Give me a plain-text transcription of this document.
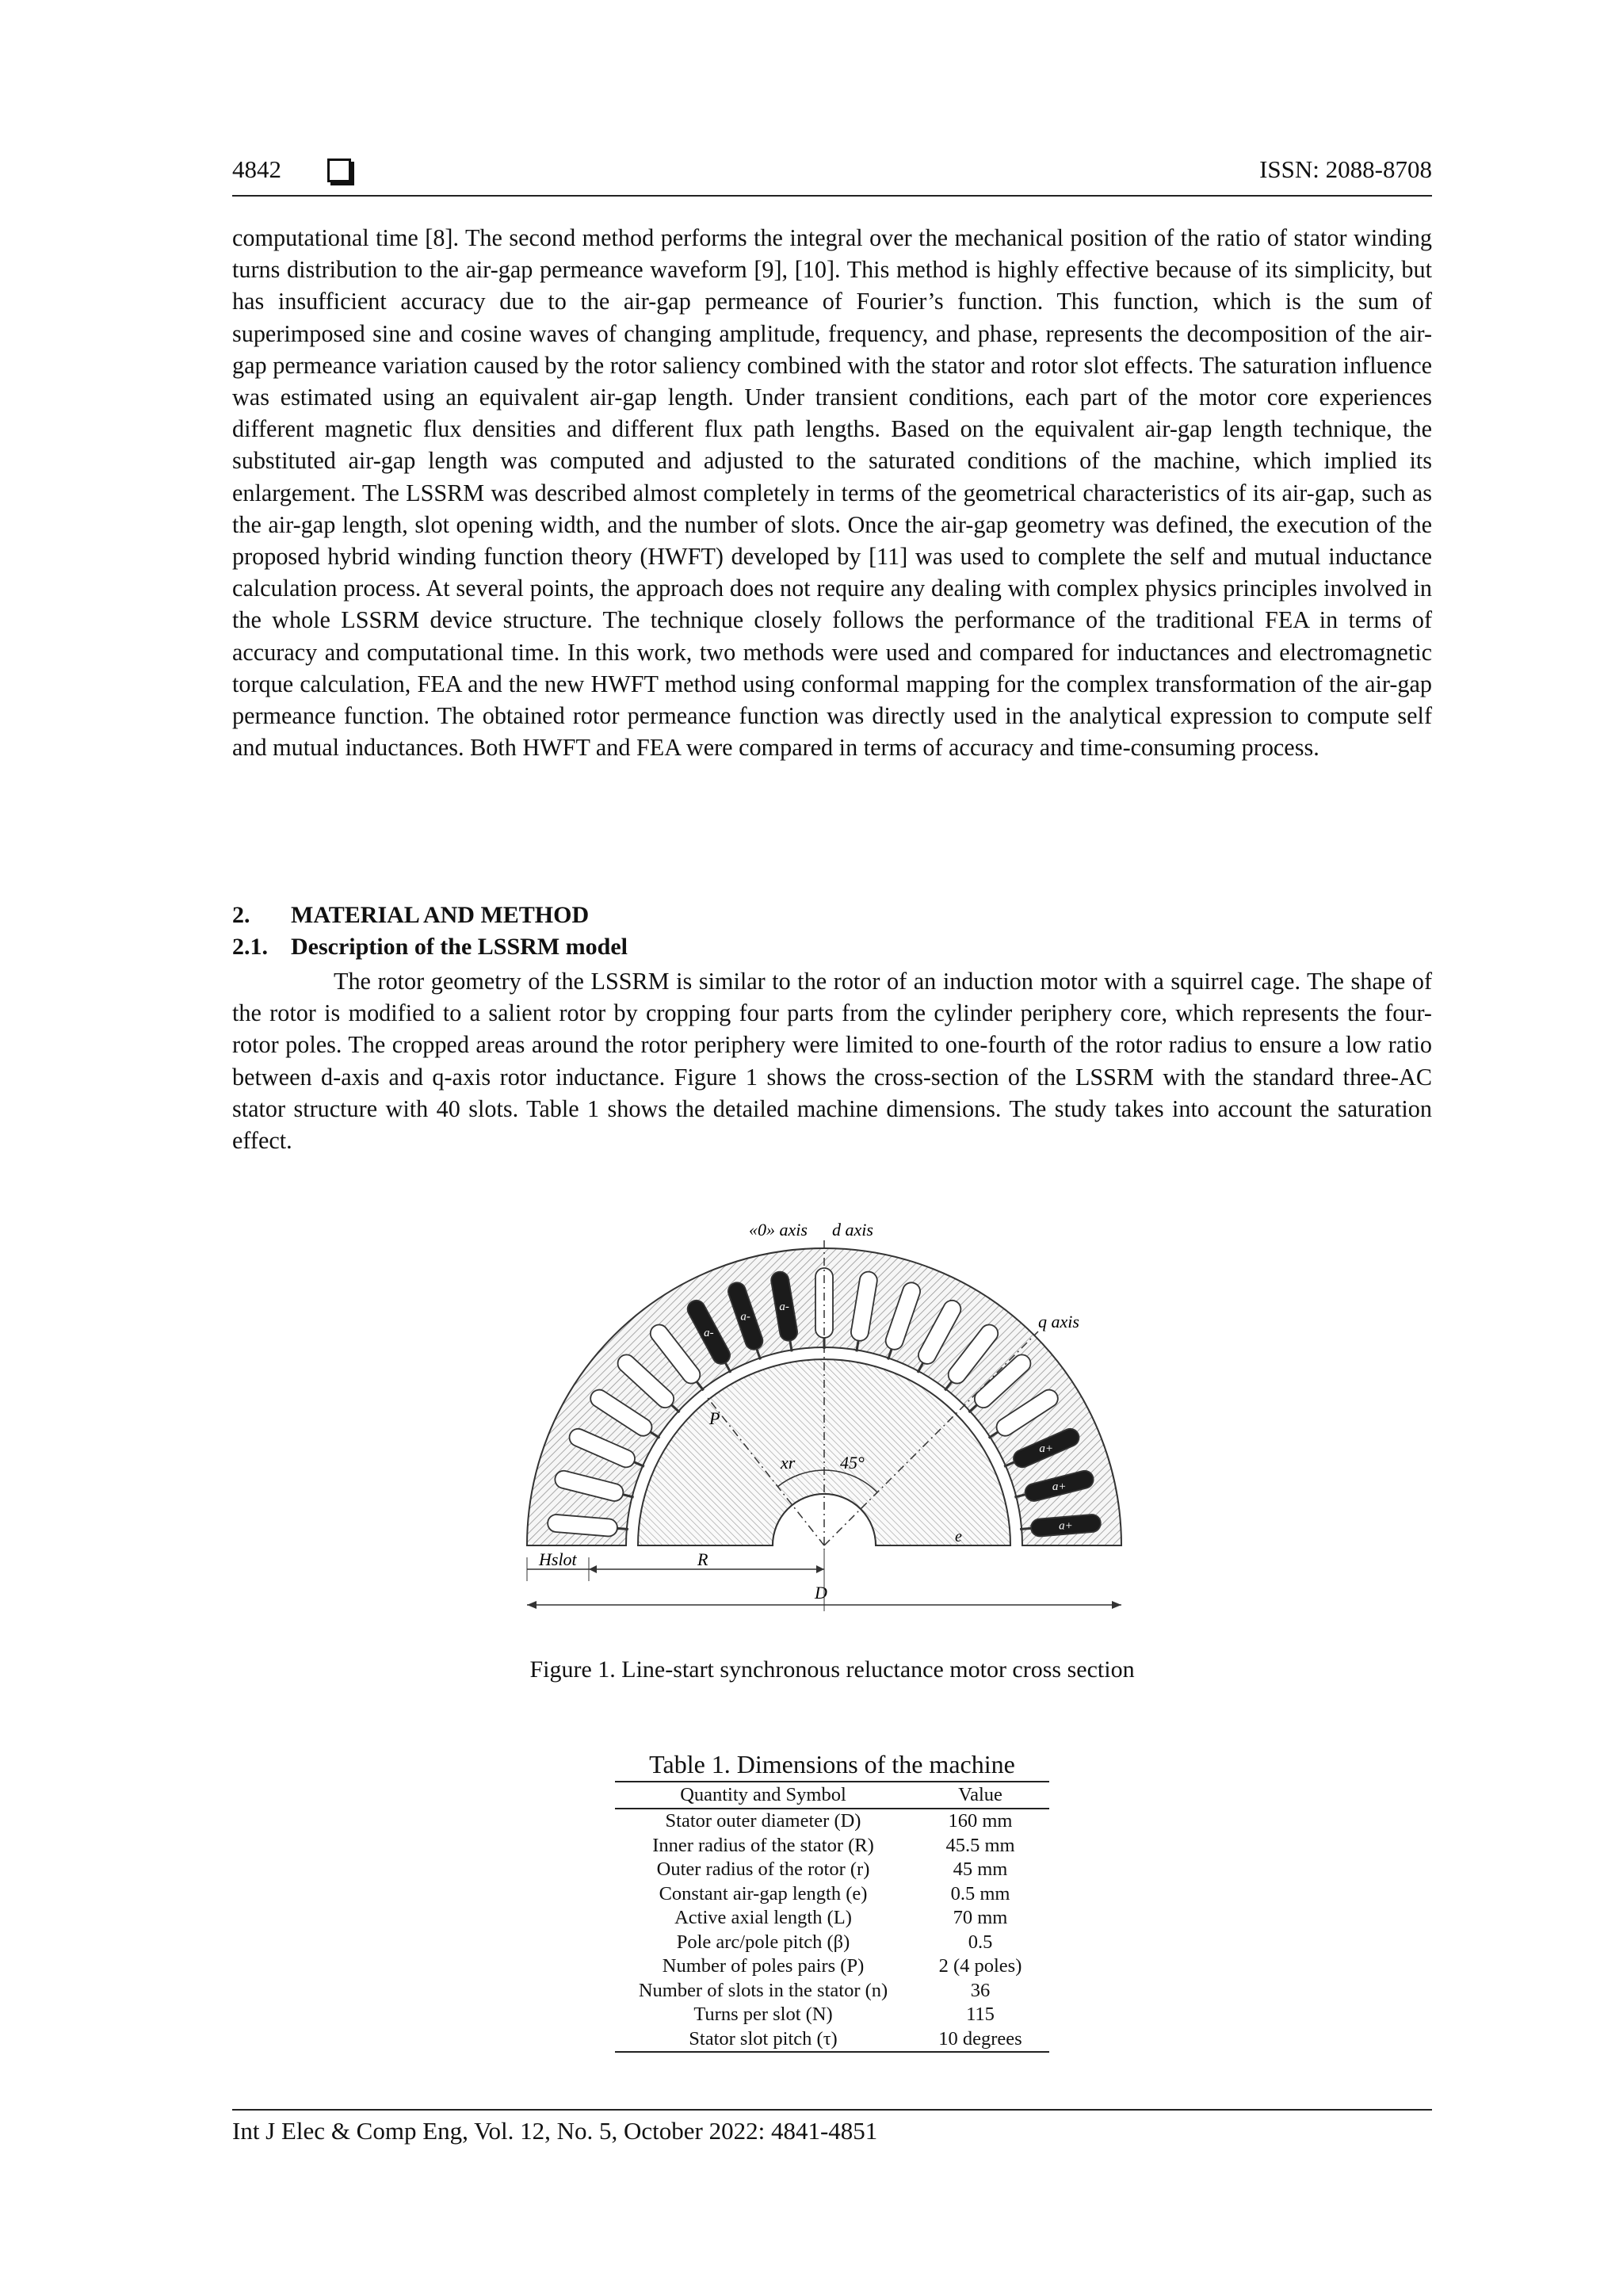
4842	ISSN: 2088-8708

computational time [8]. The second method performs the integral over the mechanical position of the ratio of stator winding turns distribution to the air-gap permeance waveform [9], [10]. This method is highly effective because of its simplicity, but has insufficient accuracy due to the air-gap permeance of Fourier’s function. This function, which is the sum of superimposed sine and cosine waves of changing amplitude, frequency, and phase, represents the decomposition of the air-gap permeance variation caused by the rotor saliency combined with the stator and rotor slot effects. The saturation influence was estimated using an equivalent air-gap length. Under transient conditions, each part of the motor core experiences different magnetic flux densities and different flux path lengths. Based on the equivalent air-gap length technique, the substituted air-gap length was computed and adjusted to the saturated conditions of the machine, which implied its enlargement. The LSSRM was described almost completely in terms of the geometrical characteristics of its air-gap, such as the air-gap length, slot opening width, and the number of slots. Once the air-gap geometry was defined, the execution of the proposed hybrid winding function theory (HWFT) developed by [11] was used to complete the self and mutual inductance calculation process. At several points, the approach does not require any dealing with complex physics principles involved in the whole LSSRM device structure. The technique closely follows the performance of the traditional FEA in terms of accuracy and computational time. In this work, two methods were used and compared for inductances and electromagnetic torque calculation, FEA and the new HWFT method using conformal mapping for the complex transformation of the air-gap permeance function. The obtained rotor permeance function was directly used in the analytical expression to compute self and mutual inductances. Both HWFT and FEA were compared in terms of accuracy and time-consuming process.

2. MATERIAL AND METHOD

2.1. Description of the LSSRM model

The rotor geometry of the LSSRM is similar to the rotor of an induction motor with a squirrel cage. The shape of the rotor is modified to a salient rotor by cropping four parts from the cylinder periphery core, which represents the four-rotor poles. The cropped areas around the rotor periphery were limited to one-fourth of the rotor radius to ensure a low ratio between d-axis and q-axis rotor inductance. Figure 1 shows the cross-section of the LSSRM with the standard three-AC stator structure with 40 slots. Table 1 shows the detailed machine dimensions. The study takes into account the saturation effect.

«0» axis d axis
q axis
xr	45°
P
e
a-
a-
a-
a+
a+
a+
Hslot	R
D

Figure 1. Line-start synchronous reluctance motor cross section

Table 1. Dimensions of the machine

Quantity and Symbol	Value
Stator outer diameter (D)	160 mm
Inner radius of the stator (R)	45.5 mm
Outer radius of the rotor (r)	45 mm
Constant air-gap length (e)	0.5 mm
Active axial length (L)	70 mm
Pole arc/pole pitch (β)	0.5
Number of poles pairs (P)	2 (4 poles)
Number of slots in the stator (n)	36
Turns per slot (N)	115
Stator slot pitch (τ)	10 degrees

Int J Elec & Comp Eng, Vol. 12, No. 5, October 2022: 4841-4851
